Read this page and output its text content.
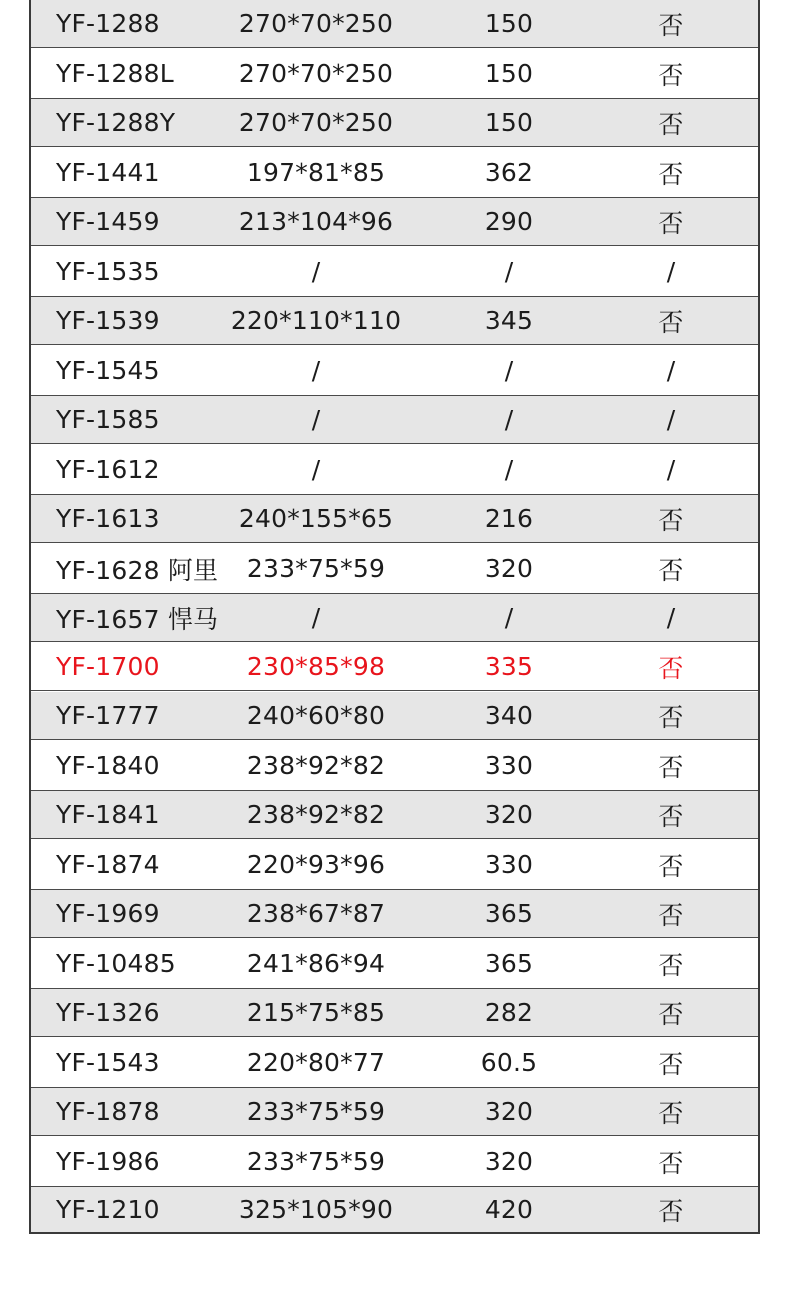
YF-1288	270*70*250	150	否
YF-1288L	270*70*250	150	否
YF-1288Y	270*70*250	150	否
YF-1441	197*81*85	362	否
YF-1459	213*104*96	290	否
YF-1535	/	/	/
YF-1539	220*110*110	345	否
YF-1545	/	/	/
YF-1585	/	/	/
YF-1612	/	/	/
YF-1613	240*155*65	216	否
YF-1628 阿里	233*75*59	320	否
YF-1657 悍马	/	/	/
YF-1700	230*85*98	335	否
YF-1777	240*60*80	340	否
YF-1840	238*92*82	330	否
YF-1841	238*92*82	320	否
YF-1874	220*93*96	330	否
YF-1969	238*67*87	365	否
YF-10485	241*86*94	365	否
YF-1326	215*75*85	282	否
YF-1543	220*80*77	60.5	否
YF-1878	233*75*59	320	否
YF-1986	233*75*59	320	否
YF-1210	325*105*90	420	否
